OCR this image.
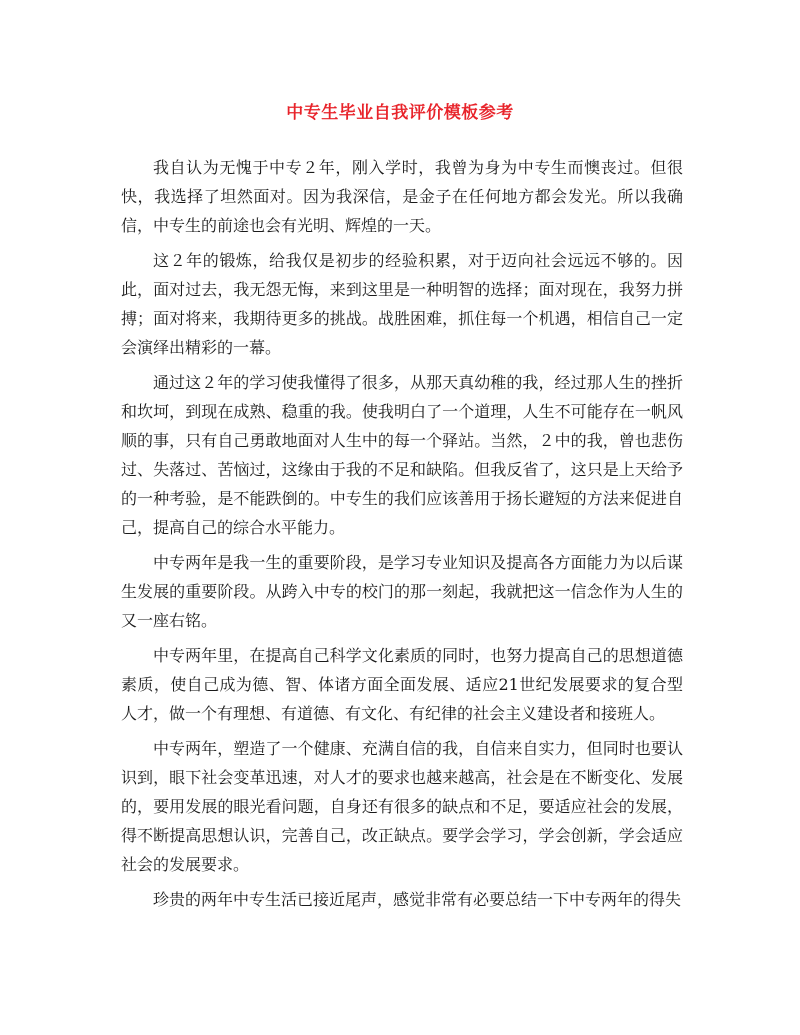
中专生毕业自我评价模板参考

我自认为无愧于中专２年，刚入学时，我曾为身为中专生而懊丧过。但很快，我选择了坦然面对。因为我深信，是金子在任何地方都会发光。所以我确信，中专生的前途也会有光明、辉煌的一天。

这２年的锻炼，给我仅是初步的经验积累，对于迈向社会远远不够的。因此，面对过去，我无怨无悔，来到这里是一种明智的选择；面对现在，我努力拼搏；面对将来，我期待更多的挑战。战胜困难，抓住每一个机遇，相信自己一定会演绎出精彩的一幕。

通过这２年的学习使我懂得了很多，从那天真幼稚的我，经过那人生的挫折和坎坷，到现在成熟、稳重的我。使我明白了一个道理，人生不可能存在一帆风顺的事，只有自己勇敢地面对人生中的每一个驿站。当然，２中的我，曾也悲伤过、失落过、苦恼过，这缘由于我的不足和缺陷。但我反省了，这只是上天给予的一种考验，是不能跌倒的。中专生的我们应该善用于扬长避短的方法来促进自己，提高自己的综合水平能力。

中专两年是我一生的重要阶段，是学习专业知识及提高各方面能力为以后谋生发展的重要阶段。从跨入中专的校门的那一刻起，我就把这一信念作为人生的又一座右铭。

中专两年里，在提高自己科学文化素质的同时，也努力提高自己的思想道德素质，使自己成为德、智、体诸方面全面发展、适应21世纪发展要求的复合型人才，做一个有理想、有道德、有文化、有纪律的社会主义建设者和接班人。

中专两年，塑造了一个健康、充满自信的我，自信来自实力，但同时也要认识到，眼下社会变革迅速，对人才的要求也越来越高，社会是在不断变化、发展的，要用发展的眼光看问题，自身还有很多的缺点和不足，要适应社会的发展，得不断提高思想认识，完善自己，改正缺点。要学会学习，学会创新，学会适应社会的发展要求。

珍贵的两年中专生活已接近尾声，感觉非常有必要总结一下中专两年的得失
